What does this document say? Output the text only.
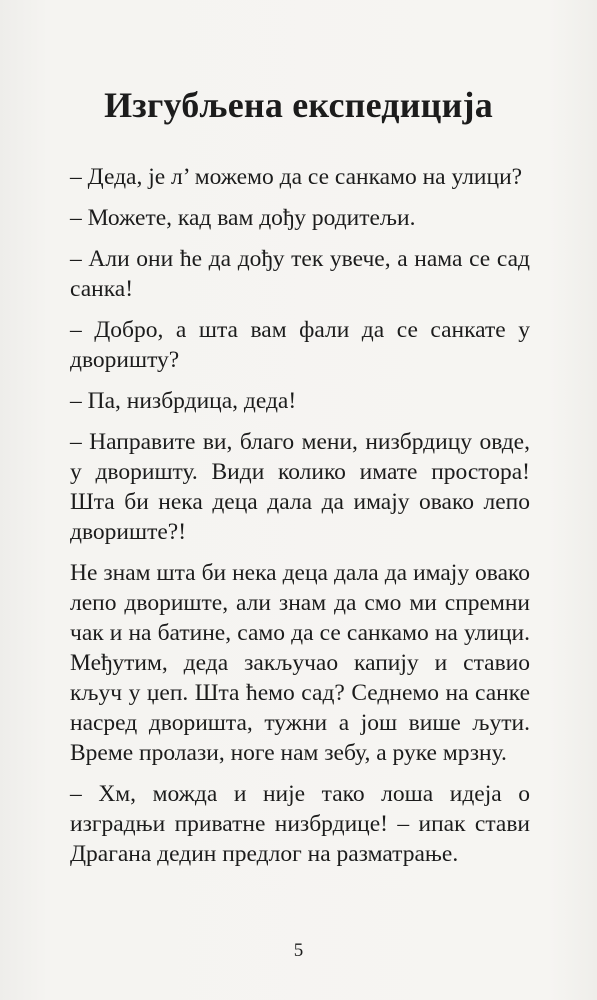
Изгубљена експедиција

– Деда, је л’ можемо да се санкамо на улици?

– Можете, кад вам дођу родитељи.

– Али они ће да дођу тек увече, а нама се сад санка!

– Добро, а шта вам фали да се санкате у дворишту?

– Па, низбрдица, деда!

– Направите ви, благо мени, низбрдицу овде, у дворишту. Види колико имате простора! Шта би нека деца дала да имају овако лепо двориште?!

Не знам шта би нека деца дала да имају овако лепо двориште, али знам да смо ми спремни чак и на батине, само да се санкамо на улици. Међутим, деда закључао капију и ставио кључ у џеп. Шта ћемо сад? Седнемо на санке насред дворишта, тужни а још више љути. Време пролази, ноге нам зебу, а руке мрзну.

– Хм, можда и није тако лоша идеја о изградњи приватне низбрдице! – ипак стави Драгана дедин предлог на разматрање.

5
